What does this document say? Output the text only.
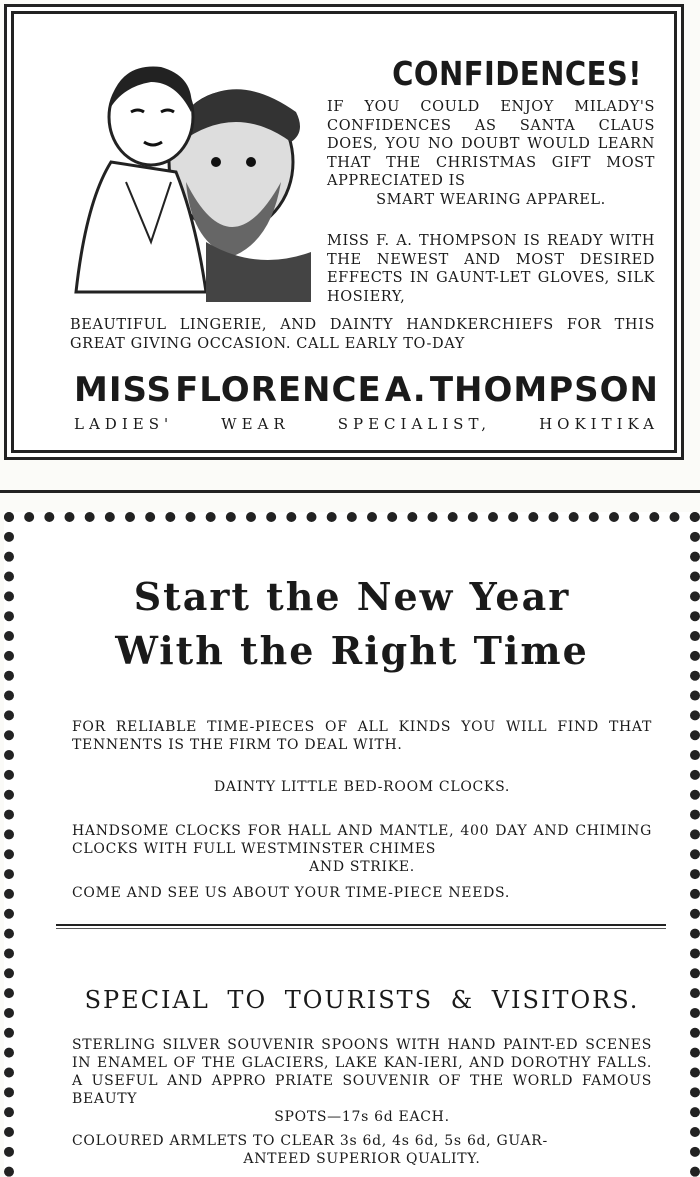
CONFIDENCES!
IF YOU COULD ENJOY MILADY'S CONFIDENCES AS SANTA CLAUS DOES, YOU NO DOUBT WOULD LEARN THAT THE CHRISTMAS GIFT MOST APPRECIATED IS
SMART WEARING APPAREL.
MISS F. A. THOMPSON IS READY WITH THE NEWEST AND MOST DESIRED EFFECTS IN GAUNT-LET GLOVES, SILK HOSIERY,
BEAUTIFUL LINGERIE, AND DAINTY HANDKERCHIEFS FOR THIS GREAT GIVING OCCASION. CALL EARLY TO-DAY
MISS FLORENCE A. THOMPSON
LADIES'	WEAR	SPECIALIST,	HOKITIKA
Start the New Year
With the Right Time
FOR RELIABLE TIME-PIECES OF ALL KINDS YOU WILL FIND THAT TENNENTS IS THE FIRM TO DEAL WITH.
DAINTY LITTLE BED-ROOM CLOCKS.
HANDSOME CLOCKS FOR HALL AND MANTLE, 400 DAY AND CHIMING CLOCKS WITH FULL WESTMINSTER CHIMES
AND STRIKE.
COME AND SEE US ABOUT YOUR TIME-PIECE NEEDS.
SPECIAL TO TOURISTS & VISITORS.
STERLING SILVER SOUVENIR SPOONS WITH HAND PAINT-ED SCENES IN ENAMEL OF THE GLACIERS, LAKE KAN-IERI, AND DOROTHY FALLS. A USEFUL AND APPRO PRIATE SOUVENIR OF THE WORLD FAMOUS BEAUTY
SPOTS—17s 6d EACH.
COLOURED ARMLETS TO CLEAR 3s 6d, 4s 6d, 5s 6d, GUAR-
ANTEED SUPERIOR QUALITY.
